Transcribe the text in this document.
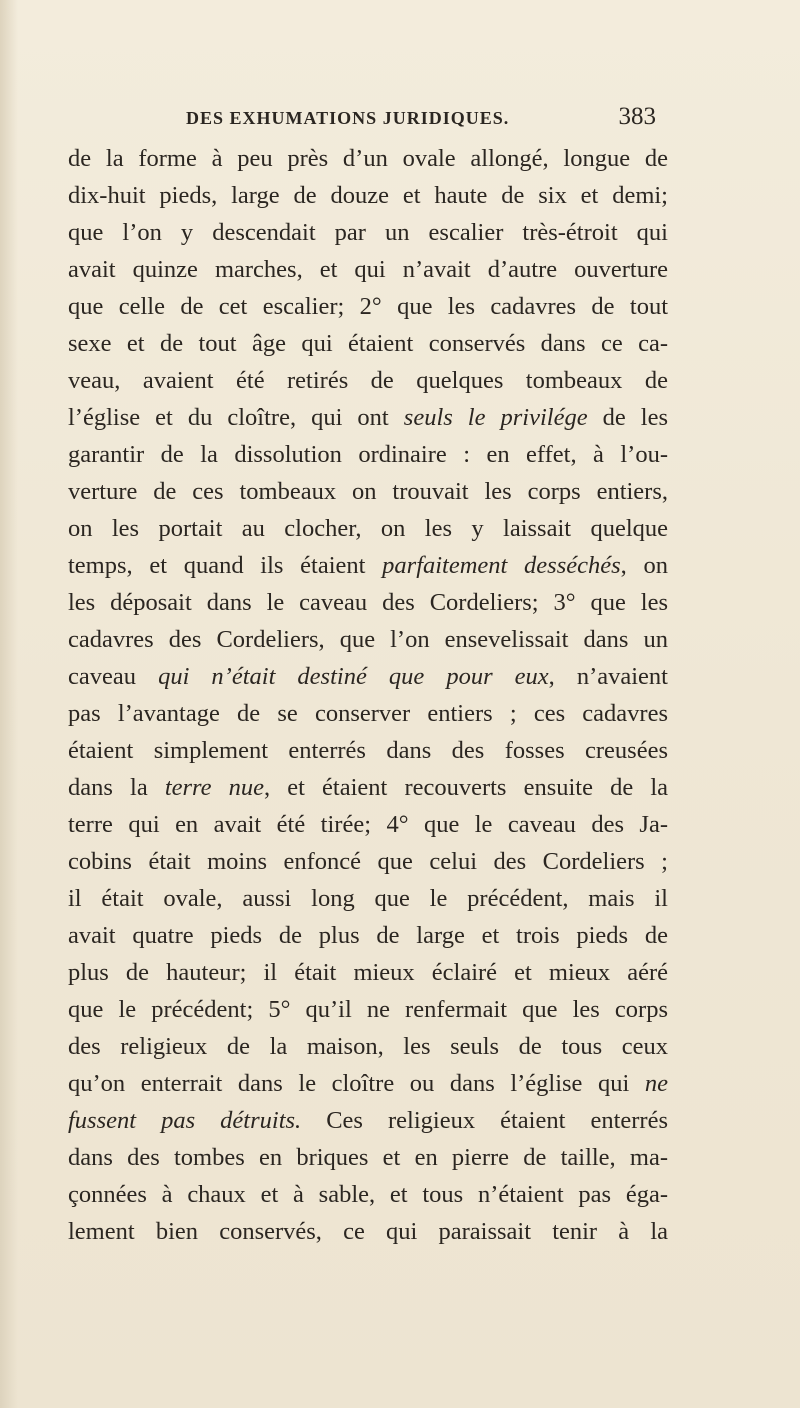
DES EXHUMATIONS JURIDIQUES.	383
de la forme à peu près d’un ovale allongé, longue de
dix-huit pieds, large de douze et haute de six et demi;
que l’on y descendait par un escalier très-étroit qui
avait quinze marches, et qui n’avait d’autre ouverture
que celle de cet escalier; 2° que les cadavres de tout
sexe et de tout âge qui étaient conservés dans ce ca-
veau, avaient été retirés de quelques tombeaux de
l’église et du cloître, qui ont seuls le privilége de les
garantir de la dissolution ordinaire : en effet, à l’ou-
verture de ces tombeaux on trouvait les corps entiers,
on les portait au clocher, on les y laissait quelque
temps, et quand ils étaient parfaitement desséchés, on
les déposait dans le caveau des Cordeliers; 3° que les
cadavres des Cordeliers, que l’on ensevelissait dans un
caveau qui n’était destiné que pour eux, n’avaient
pas l’avantage de se conserver entiers ; ces cadavres
étaient simplement enterrés dans des fosses creusées
dans la terre nue, et étaient recouverts ensuite de la
terre qui en avait été tirée; 4° que le caveau des Ja-
cobins était moins enfoncé que celui des Cordeliers ;
il était ovale, aussi long que le précédent, mais il
avait quatre pieds de plus de large et trois pieds de
plus de hauteur; il était mieux éclairé et mieux aéré
que le précédent; 5° qu’il ne renfermait que les corps
des religieux de la maison, les seuls de tous ceux
qu’on enterrait dans le cloître ou dans l’église qui ne
fussent pas détruits. Ces religieux étaient enterrés
dans des tombes en briques et en pierre de taille, ma-
çonnées à chaux et à sable, et tous n’étaient pas éga-
lement bien conservés, ce qui paraissait tenir à la
